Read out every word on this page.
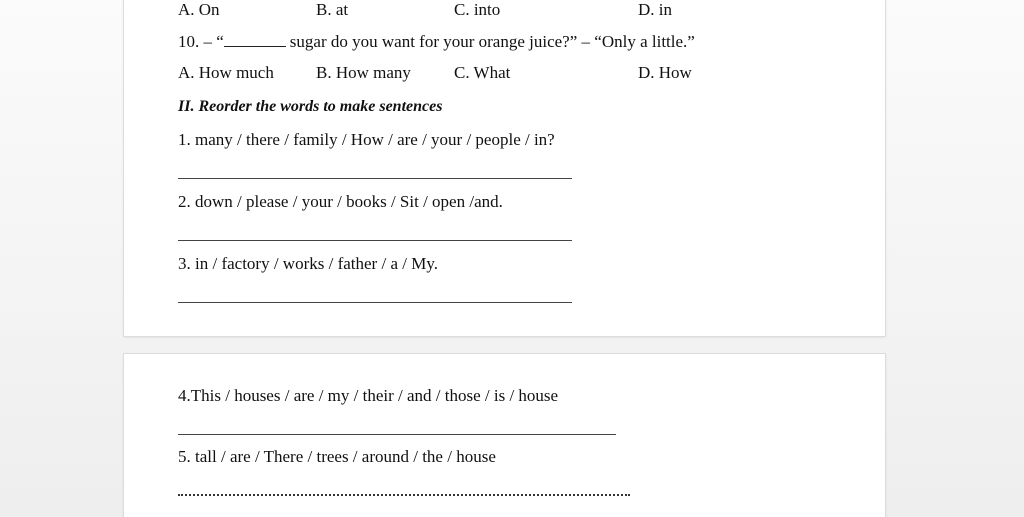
A. On	B. at	C. into	D. in
10. – “	sugar do you want for your orange juice?” – “Only a little.”
A. How much B. How many	C. What	D. How
II. Reorder the words to make sentences
1. many / there / family / How / are / your / people / in?
2. down / please / your / books / Sit / open /and.
3. in / factory / works / father / a / My.
4.This / houses / are / my / their / and / those / is / house
5. tall / are / There / trees / around / the / house
